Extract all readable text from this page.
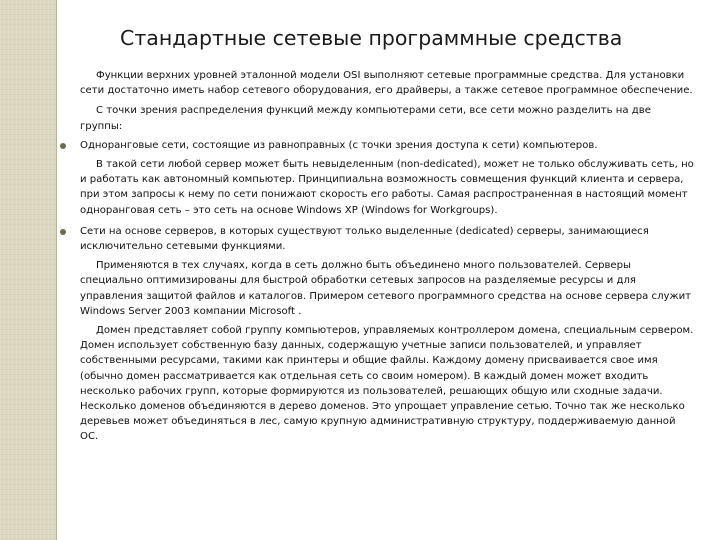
Стандартные сетевые программные средства

Функции верхних уровней эталонной модели OSI выполняют сетевые программные средства. Для установки сети достаточно иметь набор сетевого оборудования, его драйверы, а также сетевое программное обеспечение.

С точки зрения распределения функций между компьютерами сети, все сети можно разделить на две группы:

Одноранговые сети, состоящие из равноправных (с точки зрения доступа к сети) компьютеров.

В такой сети любой сервер может быть невыделенным (non-dedicated), может не только обслуживать сеть, но и работать как автономный компьютер. Принципиальна возможность совмещения функций клиента и сервера, при этом запросы к нему по сети понижают скорость его работы. Самая распространенная в настоящий момент одноранговая сеть – это сеть на основе Windows XP (Windows for Workgroups).

Сети на основе серверов, в которых существуют только выделенные (dedicated) серверы, занимающиеся исключительно сетевыми функциями.

Применяются в тех случаях, когда в сеть должно быть объединено много пользователей. Серверы специально оптимизированы для быстрой обработки сетевых запросов на разделяемые ресурсы и для управления защитой файлов и каталогов. Примером сетевого программного средства на основе сервера служит Windows Server 2003 компании Microsoft .

Домен представляет собой группу компьютеров, управляемых контроллером домена, специальным сервером. Домен использует собственную базу данных, содержащую учетные записи пользователей, и управляет собственными ресурсами, такими как принтеры и общие файлы. Каждому домену присваивается свое имя (обычно домен рассматривается как отдельная сеть со своим номером). В каждый домен может входить несколько рабочих групп, которые формируются из пользователей, решающих общую или сходные задачи. Несколько доменов объединяются в дерево доменов. Это упрощает управление сетью. Точно так же несколько деревьев может объединяться в лес, самую крупную административную структуру, поддерживаемую данной ОС.
